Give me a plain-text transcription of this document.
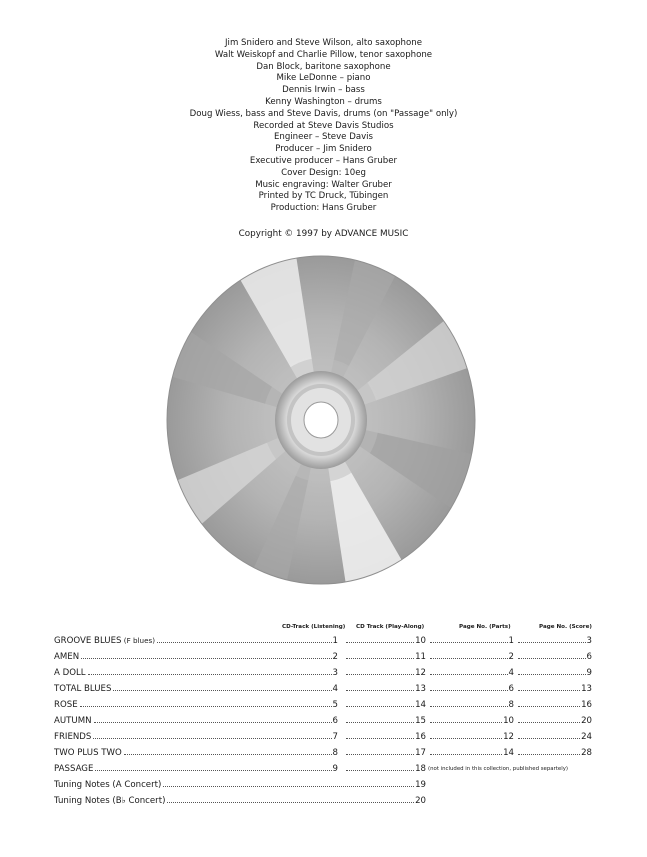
Jim Snidero and Steve Wilson, alto saxophone
Walt Weiskopf and Charlie Pillow, tenor saxophone
Dan Block, baritone saxophone
Mike LeDonne – piano
Dennis Irwin – bass
Kenny Washington – drums
Doug Wiess, bass and Steve Davis, drums (on "Passage" only)
Recorded at Steve Davis Studios
Engineer – Steve Davis
Producer – Jim Snidero
Executive producer – Hans Gruber
Cover Design: 10eg
Music engraving: Walter Gruber
Printed by TC Druck, Tübingen
Production: Hans Gruber
Copyright © 1997 by ADVANCE MUSIC
CD-Track (Listening) CD Track (Play-Along)	Page No. (Parts)	Page No. (Score)
GROOVE BLUES (F blues)	1	10	1	3
AMEN	2	11	2	6
A DOLL	3	12	4	9
TOTAL BLUES	4	13	6	13
ROSE	5	14	8	16
AUTUMN	6	15	10	20
FRIENDS	7	16	12	24
TWO PLUS TWO	8	17	14	28
PASSAGE	9	18 (not included in this collection, published separtely)
Tuning Notes (A Concert)	19
Tuning Notes (B♭ Concert)	20
